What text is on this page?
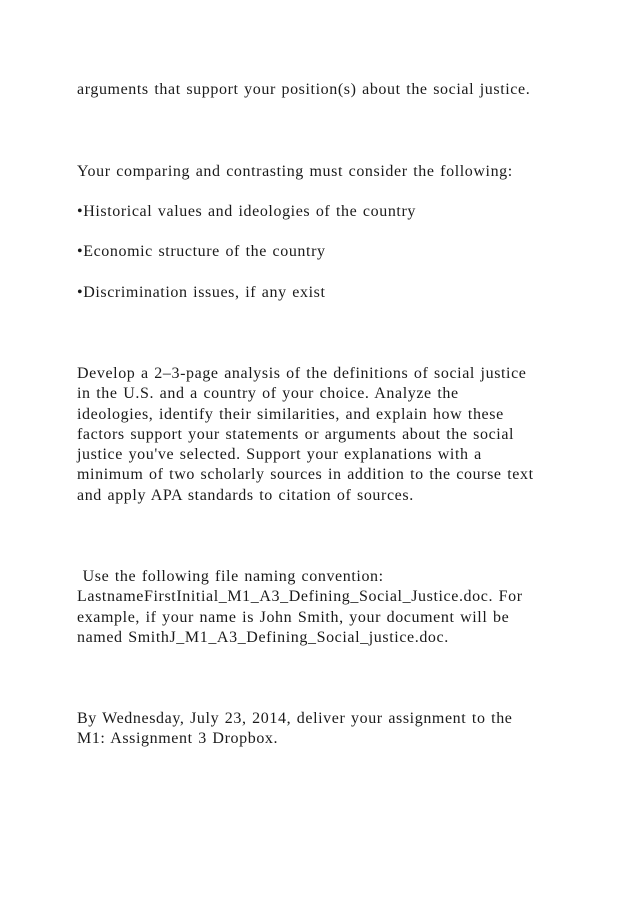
arguments that support your position(s) about the social justice.
Your comparing and contrasting must consider the following:
•Historical values and ideologies of the country
•Economic structure of the country
•Discrimination issues, if any exist
Develop a 2–3-page analysis of the definitions of social justice
in the U.S. and a country of your choice. Analyze the
ideologies, identify their similarities, and explain how these
factors support your statements or arguments about the social
justice you've selected. Support your explanations with a
minimum of two scholarly sources in addition to the course text
and apply APA standards to citation of sources.
Use the following file naming convention:
LastnameFirstInitial_M1_A3_Defining_Social_Justice.doc. For
example, if your name is John Smith, your document will be
named SmithJ_M1_A3_Defining_Social_justice.doc.
By Wednesday, July 23, 2014, deliver your assignment to the
M1: Assignment 3 Dropbox.
